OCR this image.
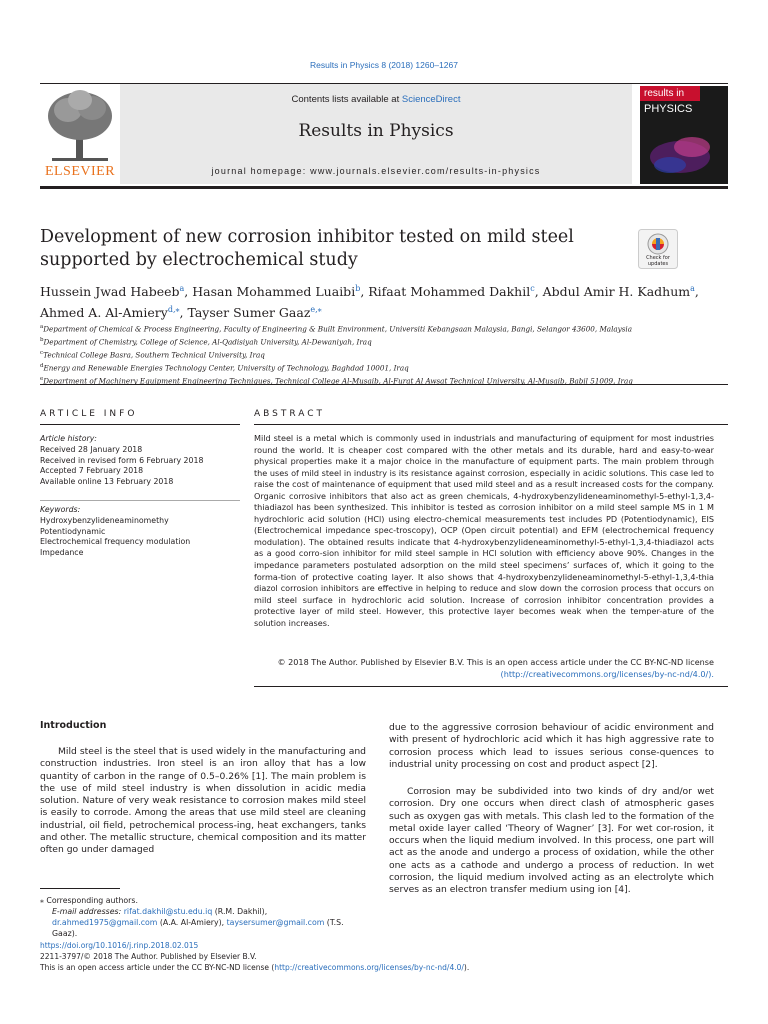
Results in Physics 8 (2018) 1260–1267
ELSEVIER
Contents lists available at ScienceDirect
Results in Physics
journal homepage: www.journals.elsevier.com/results-in-physics
results in
PHYSICS
Development of new corrosion inhibitor tested on mild steel supported by electrochemical study	Check for updates
Hussein Jwad Habeeb$^a$, Hasan Mohammed Luaibi$^b$, Rifaat Mohammed Dakhil$^c$, Abdul Amir H. Kadhum$^a$,
Ahmed A. Al-Amiery$^{d,⁎}$, Tayser Sumer Gaaz$^{e,⁎}$
$^a$Department of Chemical & Process Engineering, Faculty of Engineering & Built Environment, Universiti Kebangsaan Malaysia, Bangi, Selangor 43600, Malaysia
$^b$Department of Chemistry, College of Science, Al-Qadisiyah University, Al-Dewaniyah, Iraq
$^c$Technical College Basra, Southern Technical University, Iraq
$^d$Energy and Renewable Energies Technology Center, University of Technology, Baghdad 10001, Iraq
$^e$Department of Machinery Equipment Engineering Techniques, Technical College Al-Musaib, Al-Furat Al Awsat Technical University, Al-Musaib, Babil 51009, Iraq
ARTICLE INFO	ABSTRACT
Article history:
Received 28 January 2018
Received in revised form 6 February 2018
Accepted 7 February 2018
Available online 13 February 2018
Keywords:
Hydroxybenzylideneaminomethy
Potentiodynamic
Electrochemical frequency modulation
Impedance
Mild steel is a metal which is commonly used in industrials and manufacturing of equipment for most industries round the world. It is cheaper cost compared with the other metals and its durable, hard and easy-to-wear physical properties make it a major choice in the manufacture of equipment parts. The main problem through the uses of mild steel in industry is its resistance against corrosion, especially in acidic solutions. This case led to raise the cost of maintenance of equipment that used mild steel and as a result increased costs for the company. Organic corrosive inhibitors that also act as green chemicals, 4-hydroxybenzylideneaminomethyl-5-ethyl-1,3,4-thiadiazol has been synthesized. This inhibitor is tested as corrosion inhibitor on a mild steel sample MS in 1 M hydrochloric acid solution (HCl) using electro-chemical measurements test includes PD (Potentiodynamic), EIS (Electrochemical impedance spec-troscopy), OCP (Open circuit potential) and EFM (electrochemical frequency modulation). The obtained results indicate that 4-hydroxybenzylideneaminomethyl-5-ethyl-1,3,4-thiadiazol acts as a good corro-sion inhibitor for mild steel sample in HCl solution with efficiency above 90%. Changes in the impedance parameters postulated adsorption on the mild steel specimens’ surfaces of, which it going to the forma-tion of protective coating layer. It also shows that 4-hydroxybenzylideneaminomethyl-5-ethyl-1,3,4-thia diazol corrosion inhibitors are effective in helping to reduce and slow down the corrosion process that occurs on mild steel surface in hydrochloric acid solution. Increase of corrosion inhibitor concentration provides a protective layer of mild steel. However, this protective layer becomes weak when the temper-ature of the solution increases.
© 2018 The Author. Published by Elsevier B.V. This is an open access article under the CC BY-NC-ND license
(http://creativecommons.org/licenses/by-nc-nd/4.0/).
Introduction
Mild steel is the steel that is used widely in the manufacturing and construction industries. Iron steel is an iron alloy that has a low quantity of carbon in the range of 0.5–0.26% [1]. The main problem is the use of mild steel industry is when dissolution in acidic media solution. Nature of very weak resistance to corrosion makes mild steel is easily to corrode. Among the areas that use mild steel are cleaning industrial, oil field, petrochemical process-ing, heat exchangers, tanks and other. The metallic structure, chemical composition and its matter often go under damaged
due to the aggressive corrosion behaviour of acidic environment and with present of hydrochloric acid which it has high aggressive rate to corrosion process which lead to issues serious conse-quences to industrial unity processing on cost and product aspect [2].
Corrosion may be subdivided into two kinds of dry and/or wet corrosion. Dry one occurs when direct clash of atmospheric gases such as oxygen gas with metals. This clash led to the formation of the metal oxide layer called ‘Theory of Wagner’ [3]. For wet cor-rosion, it occurs when the liquid medium involved. In this process, one part will act as the anode and undergo a process of oxidation, while the other one acts as a cathode and undergo a process of reduction. In wet corrosion, the liquid medium involved acting as an electrolyte which serves as an electron transfer medium using ion [4].
⁎ Corresponding authors.
E-mail addresses: rifat.dakhil@stu.edu.iq (R.M. Dakhil), dr.ahmed1975@gmail.com (A.A. Al-Amiery), taysersumer@gmail.com (T.S. Gaaz).
https://doi.org/10.1016/j.rinp.2018.02.015
2211-3797/© 2018 The Author. Published by Elsevier B.V.
This is an open access article under the CC BY-NC-ND license (http://creativecommons.org/licenses/by-nc-nd/4.0/).
